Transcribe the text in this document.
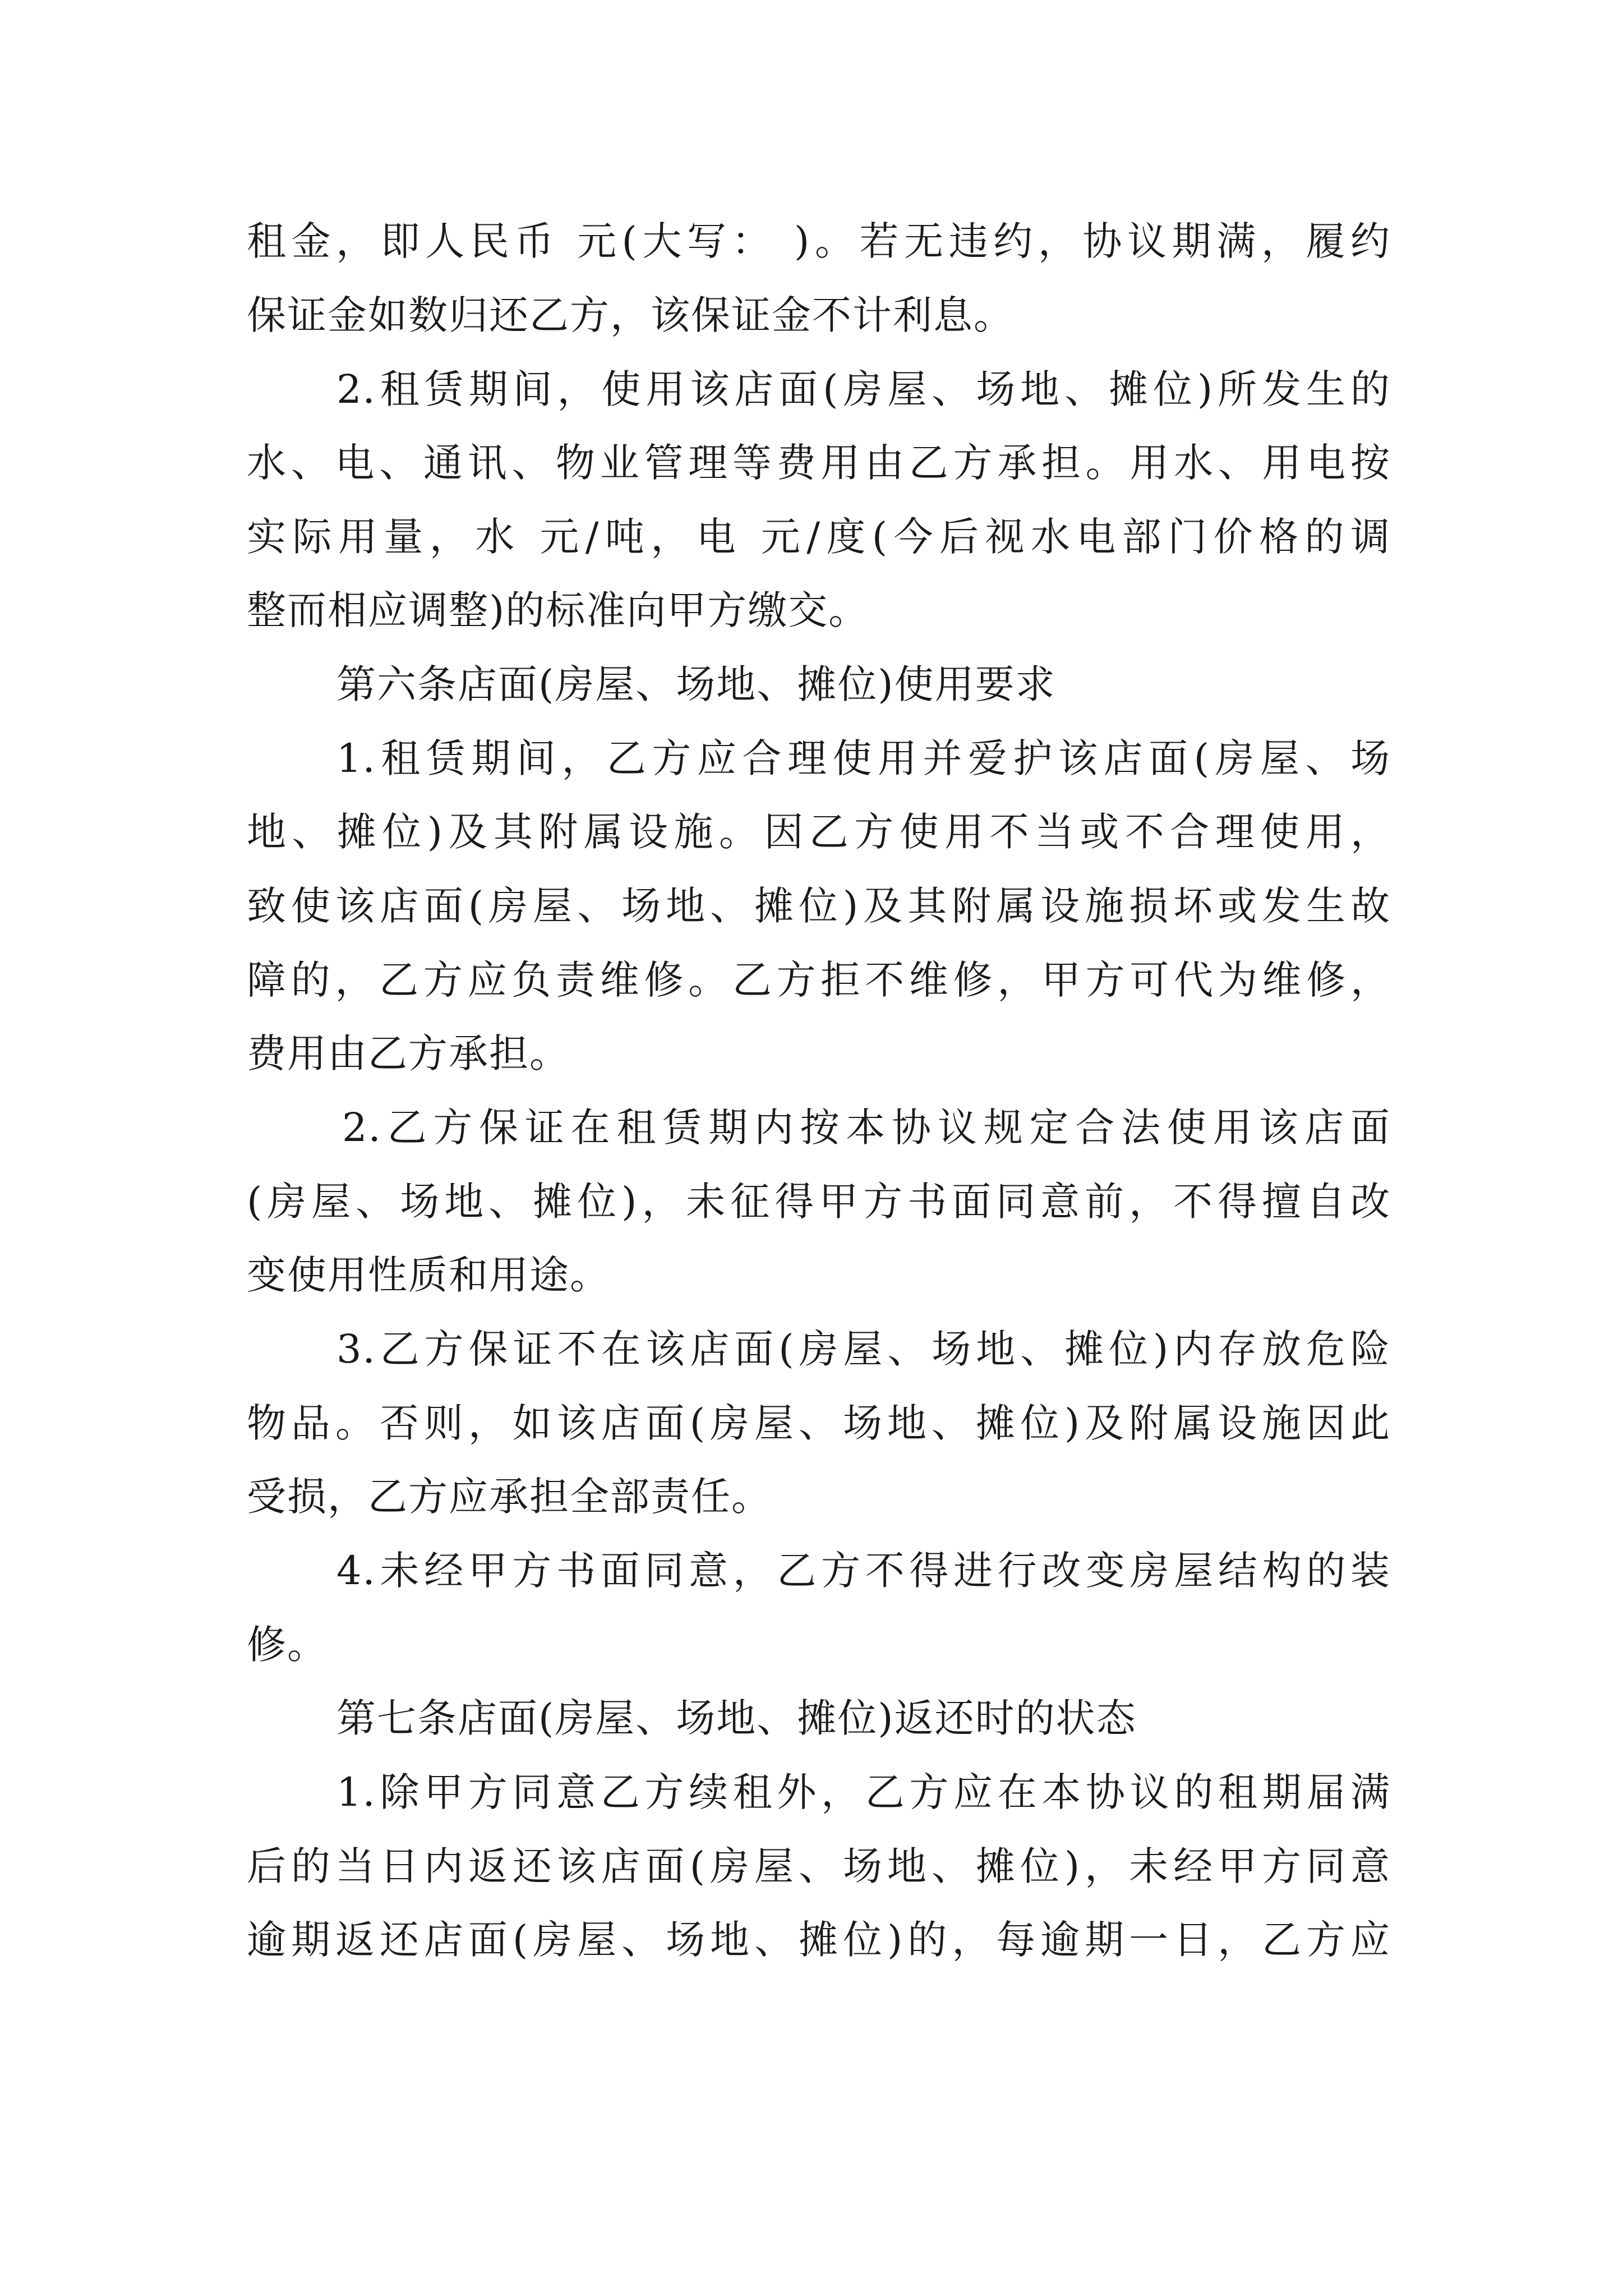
租金，即人民币 元(大写： )。若无违约，协议期满，履约
保证金如数归还乙方，该保证金不计利息。
2.租赁期间，使用该店面(房屋、场地、摊位)所发生的
水、电、通讯、物业管理等费用由乙方承担。用水、用电按
实际用量，水 元/吨，电 元/度(今后视水电部门价格的调
整而相应调整)的标准向甲方缴交。
第六条店面(房屋、场地、摊位)使用要求
1.租赁期间，乙方应合理使用并爱护该店面(房屋、场
地、摊位)及其附属设施。因乙方使用不当或不合理使用，
致使该店面(房屋、场地、摊位)及其附属设施损坏或发生故
障的，乙方应负责维修。乙方拒不维修，甲方可代为维修，
费用由乙方承担。
2.乙方保证在租赁期内按本协议规定合法使用该店面
(房屋、场地、摊位)，未征得甲方书面同意前，不得擅自改
变使用性质和用途。
3.乙方保证不在该店面(房屋、场地、摊位)内存放危险
物品。否则，如该店面(房屋、场地、摊位)及附属设施因此
受损，乙方应承担全部责任。
4.未经甲方书面同意，乙方不得进行改变房屋结构的装
修。
第七条店面(房屋、场地、摊位)返还时的状态
1.除甲方同意乙方续租外，乙方应在本协议的租期届满
后的当日内返还该店面(房屋、场地、摊位)，未经甲方同意
逾期返还店面(房屋、场地、摊位)的，每逾期一日，乙方应
